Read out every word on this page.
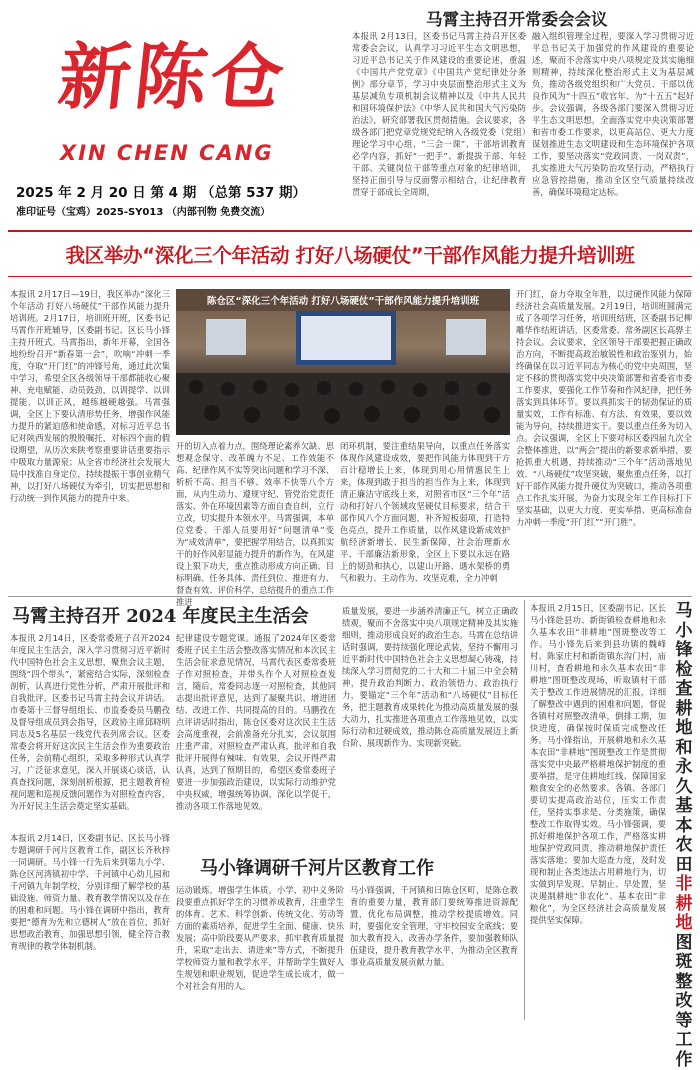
新陈仓
XIN CHEN CANG
2025 年 2 月 20 日 第 4 期 （总第 537 期）
准印证号（宝鸡）2025-SY013 （内部刊物 免费交流）
马霄主持召开常委会会议
本报讯 2月13日，区委书记马霄主持召开区委常委会会议，认真学习习近平生态文明思想，习近平总书记关于作风建设的重要论述，重温《中国共产党党章》《中国共产党纪律处分条例》部分章节，学习中央层面整治形式主义为基层减负专项机制会议精神以及《中共人民共和国环境保护法》《中华人民共和国大气污染防治法》，研究部署我区贯彻措施。会议要求，各级各部门把党章党规党纪纳入各级党委（党组）理论学习中心组、“三会一课”、干部培训教育必学内容，抓好“一把手”、新提拔干部、年轻干部、关键岗位干部等重点对象的纪律培训，坚持正面引导与反面警示相结合，让纪律教育贯穿于部成长全周期，
融入组织管理全过程，要深入学习贯彻习近平总书记关于加强党的作风建设的重要论述，聚而不舍落实中央八项规定及其实施细则精神，持续深化整治形式主义为基层减负，推动各级党组织和广大党员、干部以优良作风为“十四五”收官年、为“十五五”起好步。会议强调，各级各部门要深入贯彻习近平生态文明思想，全面落实党中央决策部署和省市委工作要求，以更高站位、更大力度谋划推进生态文明建设和生态环境保护各项工作，要坚决落实“党政同责、一岗双责”，扎实推进大气污染防治攻坚行动，严格执行应急管控措施，推动全区空气质量持续改善，确保环境稳定达标。
我区举办“深化三个年活动 打好八场硬仗”干部作风能力提升培训班
本报讯 2月17日—19日，我区举办“深化三个年活动 打好八场硬仗”干部作风能力提升培训班。2月17日，培训班开班，区委书记马霄作开班辅导，区委副书记、区长马小锋主持开班式。马霄指出，新年开幕，全国各地纷纷召开“新春第一会”，吹响“冲刺一季度，夺取“开门红”的冲锋号角，通过此次集中学习，希望全区各级领导干部都能收心聚神、充电赋能、动员鼓劲，以训提学、以训提能、以训正风，越练越硬越强。马霄强调，全区上下要认清形势任务，增强作风能力提升的紧迫感和使命感，对标习近平总书记对陕西发展的殷殷嘱托，对标四个面的假设期望，从历次来陕考察重要讲话重要指示中吸取力量源泉；从全省市经济社会发展大局中找准自身定位，持续提振干事创业精气神，以打好八场硬仗为牵引，切实把思想和行动统一到作风能力的提升中来。
陈仓区“深化三个年活动 打好八场硬仗”干部作风能力提升培训班
开的切入点着力点，围绕理论素养欠缺、思想观念保守、改革魄力不足、工作效能不高、纪律作风不实等突出问题和学习不深、析析不高、担当不够、效率不快等八个方面，从内生动力、遵规守纪、管党治党责任落实、外在环境因素等方面自查自纠，立行立改，切实提升本领水平。马霄强调，本单位党委、干部人员要用好“问题清单”变为“成效清单”，要把握学用结合，以真抓实干的好作风彰显能力提升的新作为，在风建设上狠下功夫，重点推动形成方向正确、目标明确、任务具体、责任到位、推进有力、督查有效、评价科学、总结提升的重点工作推进
闭环机制，要注重结果导向，以重点任务落实体现作风建设成效，要把作风能力体现到干方百计稳增长上来，体现到用心用情惠民生上来，体现到敢于担当的担当作为上来，体现到清正廉洁守底线上来，对照省市区“三个年”活动和打好八个领域攻坚硬仗目标要求，结合干部作风八个方面问题，补齐短板弱项，打造特色亮点，提升工作质量，以作风建设新成效护航经济新增长、民生新保障，社会治理新水平、干部廉洁新形象，全区上下要以永远在路上的韧劲和执心，以建山开路、遇水架桥的勇气和毅力、主动作为、攻坚克难，全力冲刺
开门红，奋力夺取全年胜，以过硬作风能力保障经济社会高质量发展。2月19日，培训班圆满完成了各项学习任务，培训班结班，区委副书记柳雕华作结班讲话，区委常委、常务副区长高骅主持会议。会议要求，全区领导干部要把握正确政治方向，不断提高政治敏锐性和政治鉴别力，始终确保在以习近平同志为核心的党中央周围，坚定不移的贯彻落实党中央决策部署和省委省市委工作要求，要强化工作节奏和作风纪律，把任务落实到具体环节。要以真抓实干的韧劲保证的质量实效，工作有标准、有方法、有效果，要以效能为导向，持续推进实干。要以重点任务为切入点。会议强调，全区上下要对标区委四届九次全会整体推进，以“两会”提出的新要求新举措，要抢抓重大机遇，持续推动“三个年”活动落地见效、“八场硬仗”攻坚突破，聚焦重点任务，以打好干部作风能力提升硬仗为突破口，推动各项重点工作扎实开展，为奋力实现全年工作目标打下坚实基础，以更大力度、更实举措、更高标准奋力冲刺一季度“开门红”“开门胜”。
马霄主持召开 2024 年度民主生活会
本报讯 2月14日，区委常委班子召开2024年度民主生活会，深入学习贯彻习近平新时代中国特色社会主义思想，聚焦会议主题，围绕“四个带头”，紧密结合实际，深刻检查剖析，认真进行党性分析，严肃开展批评和自我批评，区委书记马霄主持会议并讲话。市委第十三督导组组长、市监委委员马鹏孜及督导组成员到会指导，区政协主席邱晓明同志及5名基层一线党代表列席会议。区委常委会将开好这次民主生活会作为重要政治任务，会前精心组织，采取多种形式认真学习，广泛征求意见，深入开展谈心谈话，认真查找问题，深刻剖析根源，把主题教育检视问题和巡视反馈问题作为对照检查内容，为开好民主生活会奠定坚实基础。
纪律建设专题党课。通报了2024年区委常委班子民主生活会整改落实情况和本次民主生活会征求意见情况，马霄代表区委常委班子作对照检查，并带头作个人对照检查发言，随后，常委同志逐一对照检查，其他同志提出批评意见，达到了凝聚共识、增进团结、改进工作、共同提高的目的。马鹏孜在点评讲话时指出，陈仓区委对这次民主生活会高度重视，会前准备充分扎实，会议氛围庄重严肃，对照检查严肃认真，批评和自我批评开展得有辣味、有效果，会议开得严肃认真，达到了预期目的，希望区委常委班子要进一步加强政治建设，以实际行动维护党中央权威，增强统筹协调，深化以学促干，推动各项工作落地见效。
质量发展，要进一步涵养清廉正气，树立正确政绩观，聚而不舍落实中央八项规定精神及其实施细则，推动形成良好的政治生态。马霄在总结讲话时强调，要持续强化理论武装，坚持不懈用习近平新时代中国特色社会主义思想凝心铸魂，持续深入学习贯彻党的二十大和二十届三中全会精神，提升政治判断力、政治领悟力、政治执行力，要锚定“三个年”活动和“八场硬仗”目标任务，把主题教育成果转化为推动高质量发展的强大动力，扎实推进各项重点工作落地见效，以实际行动和过硬成效，推动陈仓高质量发展迈上新台阶、展现新作为、实现新突破。
本报讯 2月15日，区委副书记、区长马小锋赴县功、新街镇检查耕地和永久基本农田“非耕地”图斑整改等工作。马小锋先后来到县功镇的魏峰村、陈家庄村和新街镇东沟门村，庙川村，查看耕地和永久基本农田“非耕地”图斑整改现场，听取镇村干部关于整改工作进展情况的汇报，详细了解整改中遇到的困难和问题，督促各镇村对照整改清单，倒排工期，加快进度，确保按时保质完成整改任务。马小锋指出，开展耕地和永久基本农田“非耕地”图斑整改工作是贯彻落实党中央最严格耕地保护制度的重要举措，是守住耕地红线、保障国家粮食安全的必然要求。各镇、各部门要切实提高政治站位，压实工作责任，坚持实事求是、分类施策，确保整改工作取得实效。马小锋强调，要抓好耕地保护各项工作，严格落实耕地保护党政同责，推动耕地保护责任落实落地；要加大巡查力度，及时发现和制止各类违法占用耕地行为，切实做到早发现、早制止、早处置，坚决遏制耕地“非农化”、基本农田“非粮化”，为全区经济社会高质量发展提供坚实保障。
马小锋检查耕地和永久基本农田
非耕地
图斑整改等工作
本报讯 2月14日，区委副书记、区长马小锋专题调研千河片区教育工作，副区长齐秋梓一同调研。马小锋一行先后来到第九小学、陈仓区河湾镇初中学、千河镇中心幼儿园和千河镇九年制学校，分别详细了解学校的基础设施、师资力量、教育教学情况以及存在的困难和问题。马小锋在调研中指出，教育要把“德育为先和立德树人”放在首位，抓好思想政治教育，加强思想引领，健全符合教育规律的教学体制机制。
马小锋调研千河片区教育工作
运动锻炼，增强学生体质。小学、初中义务阶段要重点抓好学生的习惯养成教育，注重学生的体育、艺术、科学创新、传统文化、劳动等方面的素质培养，促进学生全面、健康、快乐发展；高中阶段要从严要求，抓牢教育质量提升，采取“走出去、请进来”等方式，不断提升学校师资力量和教学水平，并帮助学生做好人生规划和职业规划，促进学生成长成才，做一个对社会有用的人。
马小锋强调，千河镇和曰陈仓区町，是陈仓教育的重要力量，教育部门要统筹推进资源配置，优化布局调整，推动学校提质增效。同时，要强化安全管理，守牢校园安全底线；要加大教育投入，改善办学条件，要加强教师队伍建设，提升教育教学水平，为推动全区教育事业高质量发展贡献力量。
